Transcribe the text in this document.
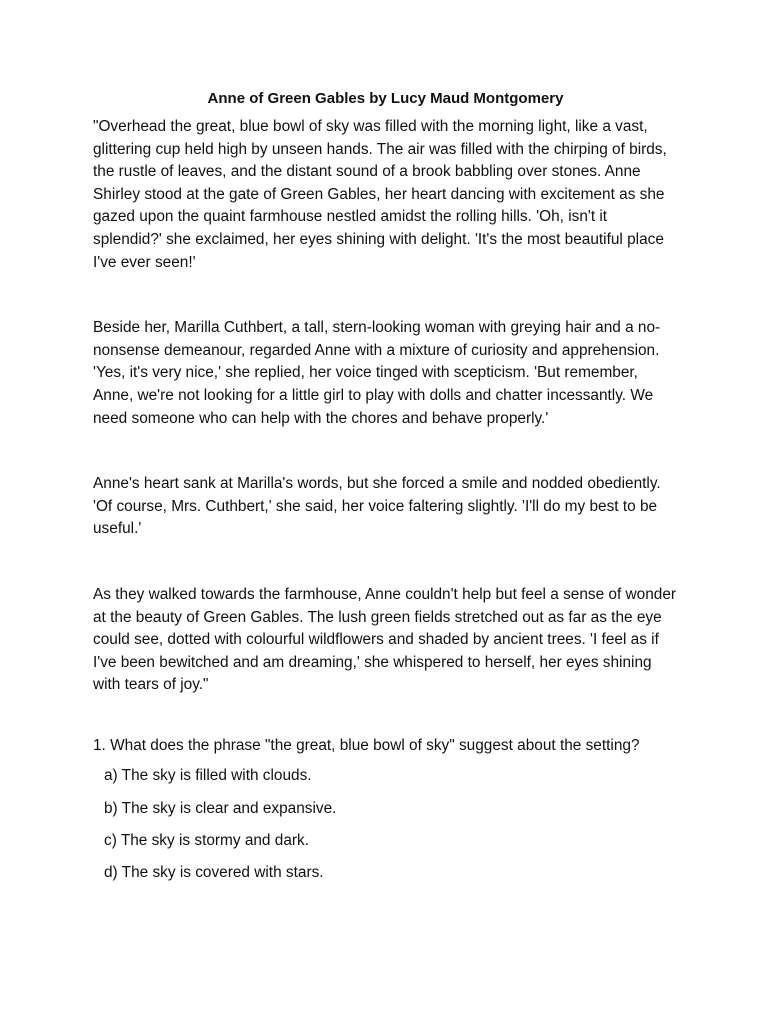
Anne of Green Gables by Lucy Maud Montgomery

"Overhead the great, blue bowl of sky was filled with the morning light, like a vast, glittering cup held high by unseen hands. The air was filled with the chirping of birds, the rustle of leaves, and the distant sound of a brook babbling over stones. Anne Shirley stood at the gate of Green Gables, her heart dancing with excitement as she gazed upon the quaint farmhouse nestled amidst the rolling hills. 'Oh, isn't it splendid?' she exclaimed, her eyes shining with delight. 'It's the most beautiful place I've ever seen!'

Beside her, Marilla Cuthbert, a tall, stern-looking woman with greying hair and a no-nonsense demeanour, regarded Anne with a mixture of curiosity and apprehension. 'Yes, it's very nice,' she replied, her voice tinged with scepticism. 'But remember, Anne, we're not looking for a little girl to play with dolls and chatter incessantly. We need someone who can help with the chores and behave properly.'

Anne's heart sank at Marilla's words, but she forced a smile and nodded obediently. 'Of course, Mrs. Cuthbert,' she said, her voice faltering slightly. 'I'll do my best to be useful.'

As they walked towards the farmhouse, Anne couldn't help but feel a sense of wonder at the beauty of Green Gables. The lush green fields stretched out as far as the eye could see, dotted with colourful wildflowers and shaded by ancient trees. 'I feel as if I've been bewitched and am dreaming,' she whispered to herself, her eyes shining with tears of joy."

1. What does the phrase "the great, blue bowl of sky" suggest about the setting?

a) The sky is filled with clouds.

b) The sky is clear and expansive.

c) The sky is stormy and dark.

d) The sky is covered with stars.
